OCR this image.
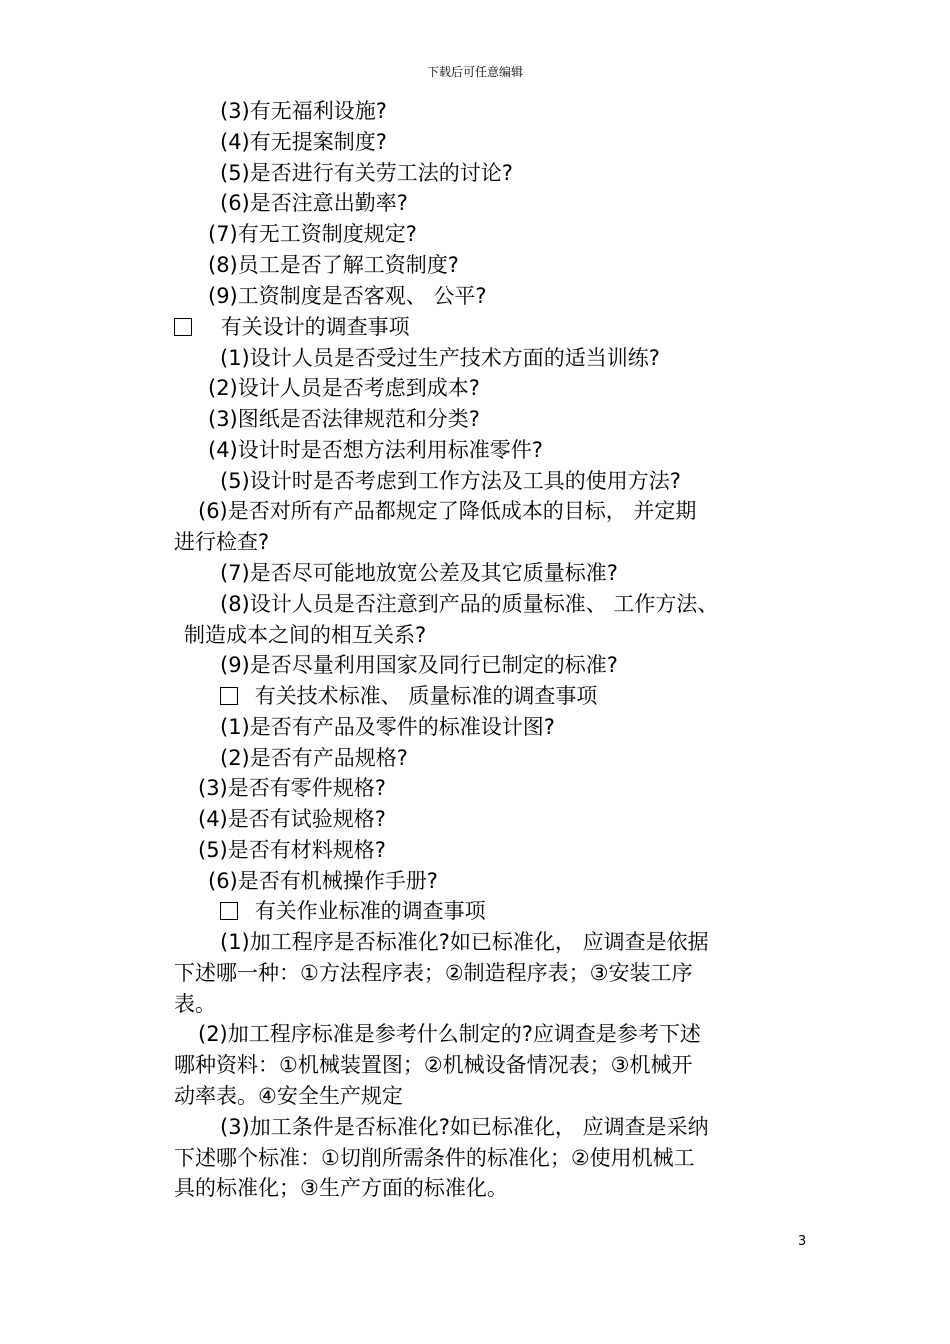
下载后可任意编辑
(3)有无福利设施?
(4)有无提案制度?
(5)是否进行有关劳工法的讨论?
(6)是否注意出勤率?
(7)有无工资制度规定?
(8)员工是否了解工资制度?
(9)工资制度是否客观、 公平?
有关设计的调查事项
(1)设计人员是否受过生产技术方面的适当训练?
(2)设计人员是否考虑到成本?
(3)图纸是否法律规范和分类?
(4)设计时是否想方法利用标准零件?
(5)设计时是否考虑到工作方法及工具的使用方法?
(6)是否对所有产品都规定了降低成本的目标， 并定期
进行检查?
(7)是否尽可能地放宽公差及其它质量标准?
(8)设计人员是否注意到产品的质量标准、 工作方法、
制造成本之间的相互关系?
(9)是否尽量利用国家及同行已制定的标准?
有关技术标准、 质量标准的调查事项
(1)是否有产品及零件的标准设计图?
(2)是否有产品规格?
(3)是否有零件规格?
(4)是否有试验规格?
(5)是否有材料规格?
(6)是否有机械操作手册?
有关作业标准的调查事项
(1)加工程序是否标准化?如已标准化， 应调查是依据
下述哪一种：①方法程序表；②制造程序表；③安装工序
表。
(2)加工程序标准是参考什么制定的?应调查是参考下述
哪种资料：①机械装置图；②机械设备情况表；③机械开
动率表。④安全生产规定
(3)加工条件是否标准化?如已标准化， 应调查是采纳
下述哪个标准：①切削所需条件的标准化；②使用机械工
具的标准化；③生产方面的标准化。
3
